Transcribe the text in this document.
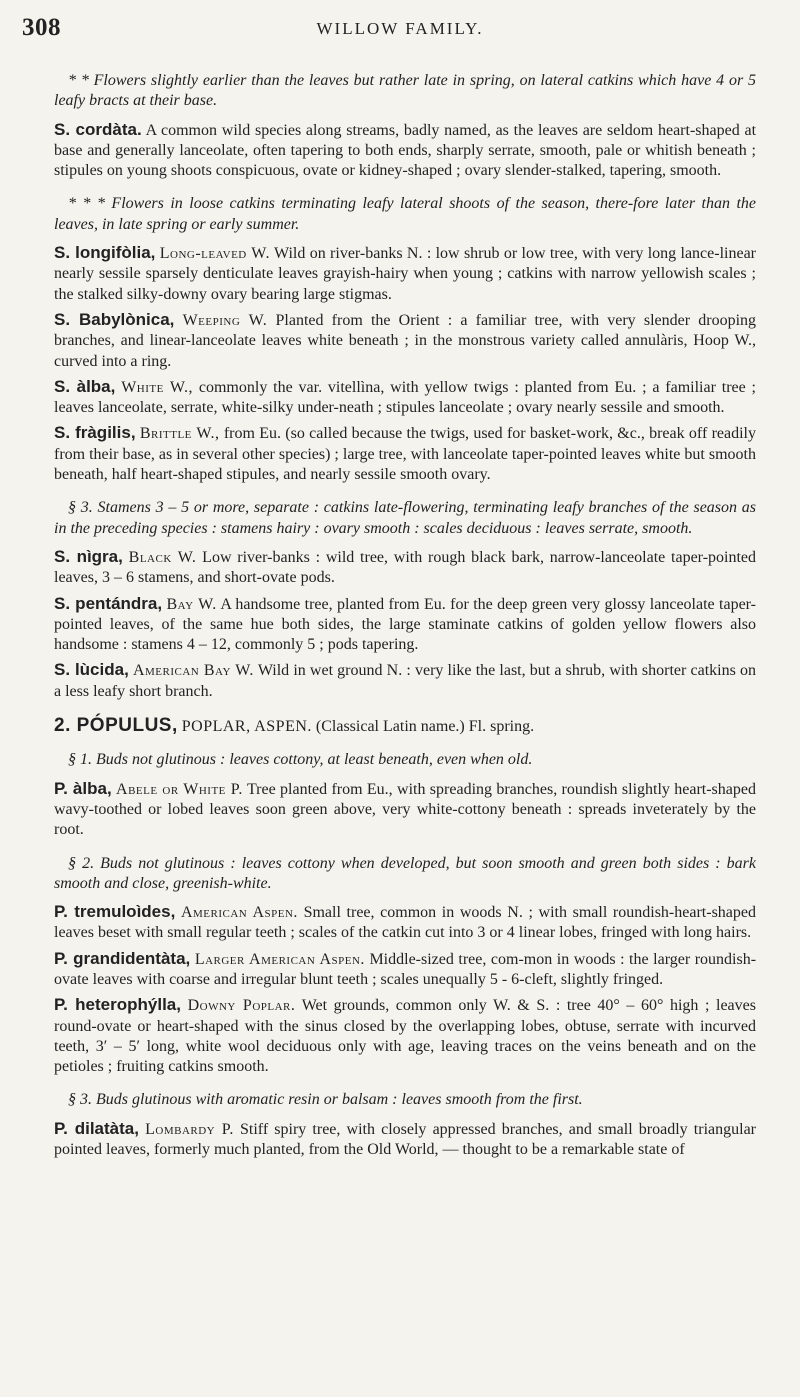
308	WILLOW FAMILY.

* * Flowers slightly earlier than the leaves but rather late in spring, on lateral catkins which have 4 or 5 leafy bracts at their base.

S. cordàta. A common wild species along streams, badly named, as the leaves are seldom heart-shaped at base and generally lanceolate, often tapering to both ends, sharply serrate, smooth, pale or whitish beneath ; stipules on young shoots conspicuous, ovate or kidney-shaped ; ovary slender-stalked, tapering, smooth.

* * * Flowers in loose catkins terminating leafy lateral shoots of the season, there-fore later than the leaves, in late spring or early summer.

S. longifòlia, Long-leaved W. Wild on river-banks N. : low shrub or low tree, with very long lance-linear nearly sessile sparsely denticulate leaves grayish-hairy when young ; catkins with narrow yellowish scales ; the stalked silky-downy ovary bearing large stigmas.

S. Babylònica, Weeping W. Planted from the Orient : a familiar tree, with very slender drooping branches, and linear-lanceolate leaves white beneath ; in the monstrous variety called annulàris, Hoop W., curved into a ring.

S. àlba, White W., commonly the var. vitellìna, with yellow twigs : planted from Eu. ; a familiar tree ; leaves lanceolate, serrate, white-silky under-neath ; stipules lanceolate ; ovary nearly sessile and smooth.

S. fràgilis, Brittle W., from Eu. (so called because the twigs, used for basket-work, &c., break off readily from their base, as in several other species) ; large tree, with lanceolate taper-pointed leaves white but smooth beneath, half heart-shaped stipules, and nearly sessile smooth ovary.

§ 3. Stamens 3 – 5 or more, separate : catkins late-flowering, terminating leafy branches of the season as in the preceding species : stamens hairy : ovary smooth : scales deciduous : leaves serrate, smooth.

S. nìgra, Black W. Low river-banks : wild tree, with rough black bark, narrow-lanceolate taper-pointed leaves, 3 – 6 stamens, and short-ovate pods.

S. pentándra, Bay W. A handsome tree, planted from Eu. for the deep green very glossy lanceolate taper-pointed leaves, of the same hue both sides, the large staminate catkins of golden yellow flowers also handsome : stamens 4 – 12, commonly 5 ; pods tapering.

S. lùcida, American Bay W. Wild in wet ground N. : very like the last, but a shrub, with shorter catkins on a less leafy short branch.

2. PÓPULUS, POPLAR, ASPEN. (Classical Latin name.) Fl. spring.

§ 1. Buds not glutinous : leaves cottony, at least beneath, even when old.

P. àlba, Abele or White P. Tree planted from Eu., with spreading branches, roundish slightly heart-shaped wavy-toothed or lobed leaves soon green above, very white-cottony beneath : spreads inveterately by the root.

§ 2. Buds not glutinous : leaves cottony when developed, but soon smooth and green both sides : bark smooth and close, greenish-white.

P. tremuloìdes, American Aspen. Small tree, common in woods N. ; with small roundish-heart-shaped leaves beset with small regular teeth ; scales of the catkin cut into 3 or 4 linear lobes, fringed with long hairs.

P. grandidentàta, Larger American Aspen. Middle-sized tree, com-mon in woods : the larger roundish-ovate leaves with coarse and irregular blunt teeth ; scales unequally 5 - 6-cleft, slightly fringed.

P. heterophýlla, Downy Poplar. Wet grounds, common only W. & S. : tree 40° – 60° high ; leaves round-ovate or heart-shaped with the sinus closed by the overlapping lobes, obtuse, serrate with incurved teeth, 3′ – 5′ long, white wool deciduous only with age, leaving traces on the veins beneath and on the petioles ; fruiting catkins smooth.

§ 3. Buds glutinous with aromatic resin or balsam : leaves smooth from the first.

P. dilatàta, Lombardy P. Stiff spiry tree, with closely appressed branches, and small broadly triangular pointed leaves, formerly much planted, from the Old World, — thought to be a remarkable state of
